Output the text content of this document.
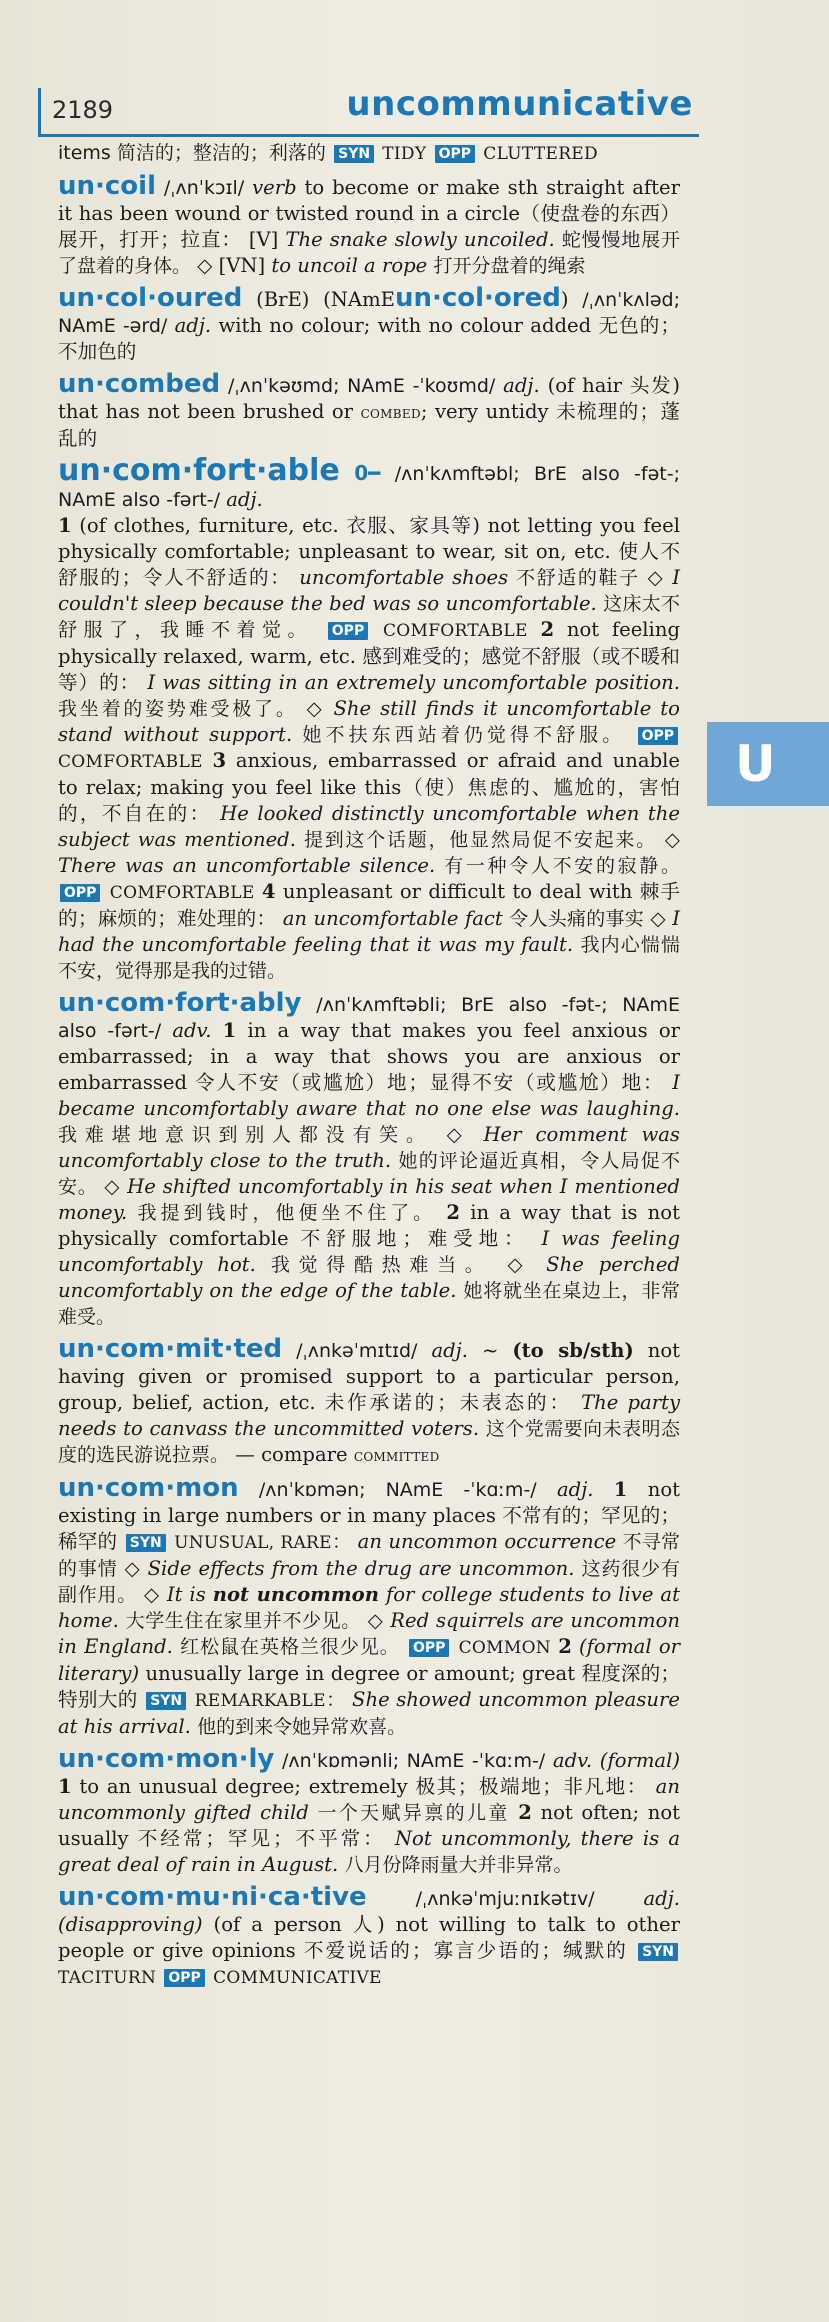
2189	uncommunicative
U
items 简洁的；整洁的；利落的 SYN TIDY OPP CLUTTERED
un·coil /ˌʌnˈkɔɪl/ verb to become or make sth straight after it has been wound or twisted round in a circle（使盘卷的东西）展开，打开；拉直： [V] The snake slowly uncoiled. 蛇慢慢地展开了盘着的身体。 ◇ [VN] to uncoil a rope 打开分盘着的绳索
un·col·oured (BrE) (NAmEun·col·ored) /ˌʌnˈkʌləd; NAmE -ərd/ adj. with no colour; with no colour added 无色的；不加色的
un·combed /ˌʌnˈkəʊmd; NAmE -ˈkoʊmd/ adj. (of hair 头发) that has not been brushed or combed; very untidy 未梳理的；蓬乱的
un·com·fort·able 0━ /ʌnˈkʌmftəbl; BrE also -fət-; NAmE also -fərt-/ adj.
1 (of clothes, furniture, etc. 衣服、家具等) not letting you feel physically comfortable; unpleasant to wear, sit on, etc. 使人不舒服的；令人不舒适的： uncomfortable shoes 不舒适的鞋子 ◇ I couldn't sleep because the bed was so uncomfortable. 这床太不舒服了，我睡不着觉。 OPP COMFORTABLE 2 not feeling physically relaxed, warm, etc. 感到难受的；感觉不舒服（或不暖和等）的： I was sitting in an extremely uncomfortable position. 我坐着的姿势难受极了。 ◇ She still finds it uncomfortable to stand without support. 她不扶东西站着仍觉得不舒服。 OPP COMFORTABLE 3 anxious, embarrassed or afraid and unable to relax; making you feel like this（使）焦虑的、尴尬的，害怕的，不自在的： He looked distinctly uncomfortable when the subject was mentioned. 提到这个话题，他显然局促不安起来。 ◇ There was an uncomfortable silence. 有一种令人不安的寂静。 OPP COMFORTABLE 4 unpleasant or difficult to deal with 棘手的；麻烦的；难处理的： an uncomfortable fact 令人头痛的事实 ◇ I had the uncomfortable feeling that it was my fault. 我内心惴惴不安，觉得那是我的过错。
un·com·fort·ably /ʌnˈkʌmftəbli; BrE also -fət-; NAmE also -fərt-/ adv. 1 in a way that makes you feel anxious or embarrassed; in a way that shows you are anxious or embarrassed 令人不安（或尴尬）地；显得不安（或尴尬）地： I became uncomfortably aware that no one else was laughing. 我难堪地意识到别人都没有笑。 ◇ Her comment was uncomfortably close to the truth. 她的评论逼近真相，令人局促不安。 ◇ He shifted uncomfortably in his seat when I mentioned money. 我提到钱时，他便坐不住了。 2 in a way that is not physically comfortable 不舒服地；难受地： I was feeling uncomfortably hot. 我觉得酷热难当。 ◇ She perched uncomfortably on the edge of the table. 她将就坐在桌边上，非常难受。
un·com·mit·ted /ˌʌnkəˈmɪtɪd/ adj. ~ (to sb/sth) not having given or promised support to a particular person, group, belief, action, etc. 未作承诺的；未表态的： The party needs to canvass the uncommitted voters. 这个党需要向未表明态度的选民游说拉票。 — compare committed
un·com·mon /ʌnˈkɒmən; NAmE -ˈkɑːm-/ adj. 1 not existing in large numbers or in many places 不常有的；罕见的；稀罕的 SYN UNUSUAL, RARE： an uncommon occurrence 不寻常的事情 ◇ Side effects from the drug are uncommon. 这药很少有副作用。 ◇ It is not uncommon for college students to live at home. 大学生住在家里并不少见。 ◇ Red squirrels are uncommon in England. 红松鼠在英格兰很少见。 OPP COMMON 2 (formal or literary) unusually large in degree or amount; great 程度深的；特别大的 SYN REMARKABLE： She showed uncommon pleasure at his arrival. 他的到来令她异常欢喜。
un·com·mon·ly /ʌnˈkɒmənli; NAmE -ˈkɑːm-/ adv. (formal) 1 to an unusual degree; extremely 极其；极端地；非凡地： an uncommonly gifted child 一个天赋异禀的儿童 2 not often; not usually 不经常；罕见；不平常： Not uncommonly, there is a great deal of rain in August. 八月份降雨量大并非异常。
un·com·mu·ni·ca·tive	/ˌʌnkəˈmjuːnɪkətɪv/ adj. (disapproving) (of a person 人) not willing to talk to other people or give opinions 不爱说话的；寡言少语的；缄默的 SYN TACITURN OPP COMMUNICATIVE
